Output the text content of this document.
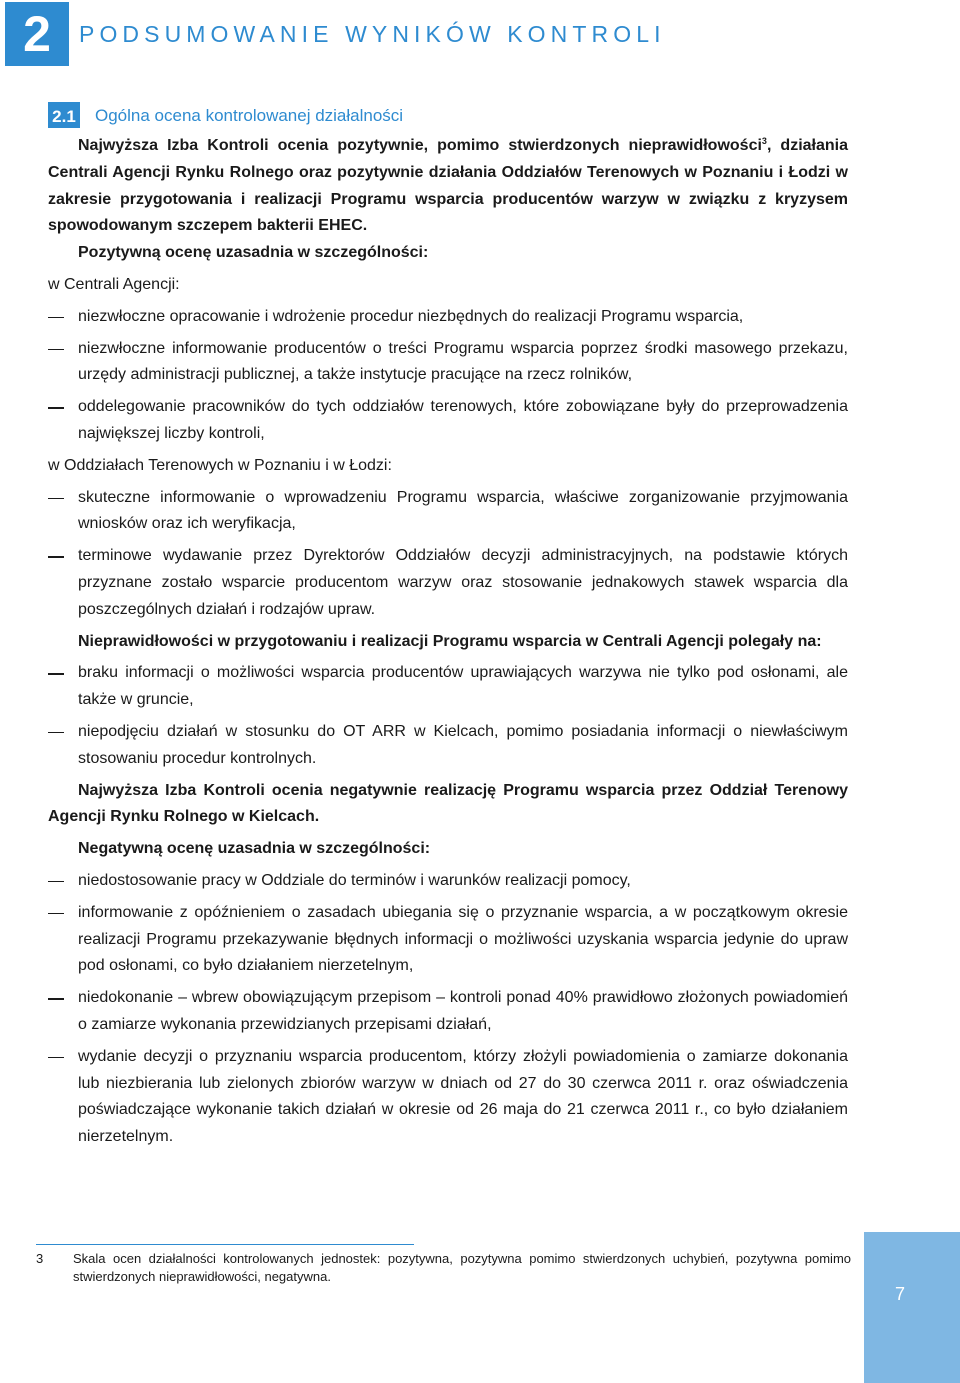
2 PODSUMOWANIE WYNIKÓW KONTROLI
2.1 Ogólna ocena kontrolowanej działalności

Najwyższa Izba Kontroli ocenia pozytywnie, pomimo stwierdzonych nieprawidłowości$^3$, działania Centrali Agencji Rynku Rolnego oraz pozytywnie działania Oddziałów Terenowych w Poznaniu i Łodzi w zakresie przygotowania i realizacji Programu wsparcia producentów warzyw w związku z kryzysem spowodowanym szczepem bakterii EHEC.

Pozytywną ocenę uzasadnia w szczególności:

w Centrali Agencji:

niezwłoczne opracowanie i wdrożenie procedur niezbędnych do realizacji Programu wsparcia,
niezwłoczne informowanie producentów o treści Programu wsparcia poprzez środki masowego przekazu, urzędy administracji publicznej, a także instytucje pracujące na rzecz rolników,
oddelegowanie pracowników do tych oddziałów terenowych, które zobowiązane były do przeprowadzenia największej liczby kontroli,

w Oddziałach Terenowych w Poznaniu i w Łodzi:

skuteczne informowanie o wprowadzeniu Programu wsparcia, właściwe zorganizowanie przyjmowania wniosków oraz ich weryfikacja,
terminowe wydawanie przez Dyrektorów Oddziałów decyzji administracyjnych, na podstawie których przyznane zostało wsparcie producentom warzyw oraz stosowanie jednakowych stawek wsparcia dla poszczególnych działań i rodzajów upraw.

Nieprawidłowości w przygotowaniu i realizacji Programu wsparcia w Centrali Agencji polegały na:

braku informacji o możliwości wsparcia producentów uprawiających warzywa nie tylko pod osłonami, ale także w gruncie,
niepodjęciu działań w stosunku do OT ARR w Kielcach, pomimo posiadania informacji o niewłaściwym stosowaniu procedur kontrolnych.

Najwyższa Izba Kontroli ocenia negatywnie realizację Programu wsparcia przez Oddział Terenowy Agencji Rynku Rolnego w Kielcach.

Negatywną ocenę uzasadnia w szczególności:

niedostosowanie pracy w Oddziale do terminów i warunków realizacji pomocy,
informowanie z opóźnieniem o zasadach ubiegania się o przyznanie wsparcia, a w początkowym okresie realizacji Programu przekazywanie błędnych informacji o możliwości uzyskania wsparcia jedynie do upraw pod osłonami, co było działaniem nierzetelnym,
niedokonanie – wbrew obowiązującym przepisom – kontroli ponad 40% prawidłowo złożonych powiadomień o zamiarze wykonania przewidzianych przepisami działań,
wydanie decyzji o przyznaniu wsparcia producentom, którzy złożyli powiadomienia o zamiarze dokonania lub niezbierania lub zielonych zbiorów warzyw w dniach od 27 do 30 czerwca 2011 r. oraz oświadczenia poświadczające wykonanie takich działań w okresie od 26 maja do 21 czerwca 2011 r., co było działaniem nierzetelnym.
3	Skala ocen działalności kontrolowanych jednostek: pozytywna, pozytywna pomimo stwierdzonych uchybień, pozytywna pomimo stwierdzonych nieprawidłowości, negatywna.
7
